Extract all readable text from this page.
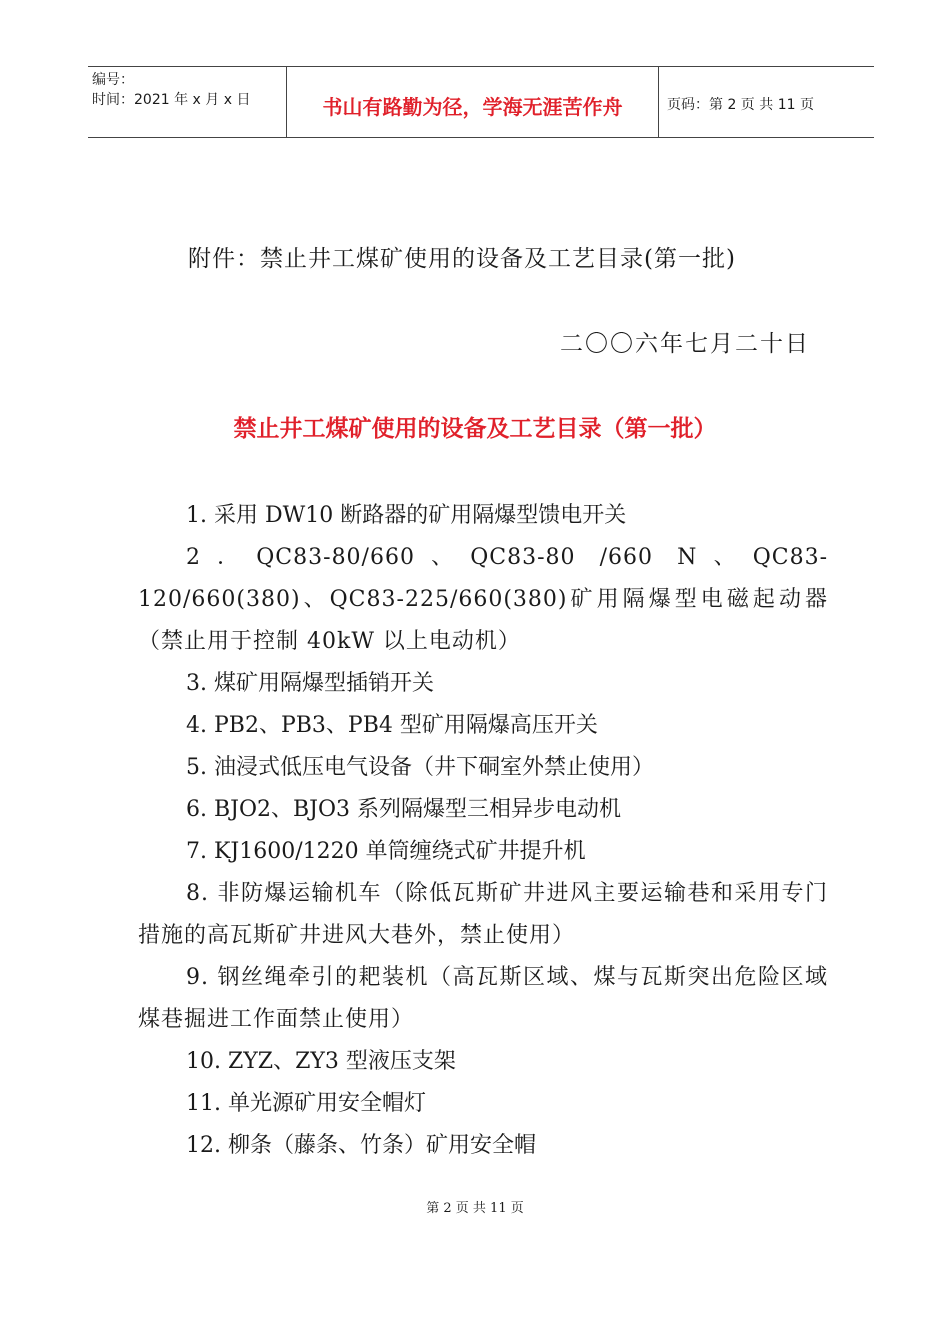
编号：
时间：2021 年 x 月 x 日	书山有路勤为径，学海无涯苦作舟	页码：第 2 页 共 11 页
附件：禁止井工煤矿使用的设备及工艺目录(第一批)
二〇〇六年七月二十日
禁止井工煤矿使用的设备及工艺目录（第一批）

1. 采用 DW10 断路器的矿用隔爆型馈电开关

2．QC83-80/660、QC83-80 /660 N、QC83-120/660(380)、QC83-225/660(380)矿用隔爆型电磁起动器（禁止用于控制 40kW 以上电动机）

3. 煤矿用隔爆型插销开关

4. PB2、PB3、PB4 型矿用隔爆高压开关

5. 油浸式低压电气设备（井下硐室外禁止使用）

6. BJO2、BJO3 系列隔爆型三相异步电动机

7. KJ1600/1220 单筒缠绕式矿井提升机

8. 非防爆运输机车（除低瓦斯矿井进风主要运输巷和采用专门措施的高瓦斯矿井进风大巷外，禁止使用）

9. 钢丝绳牵引的耙装机（高瓦斯区域、煤与瓦斯突出危险区域煤巷掘进工作面禁止使用）

10. ZYZ、ZY3 型液压支架

11. 单光源矿用安全帽灯

12. 柳条（藤条、竹条）矿用安全帽

第 2 页 共 11 页
